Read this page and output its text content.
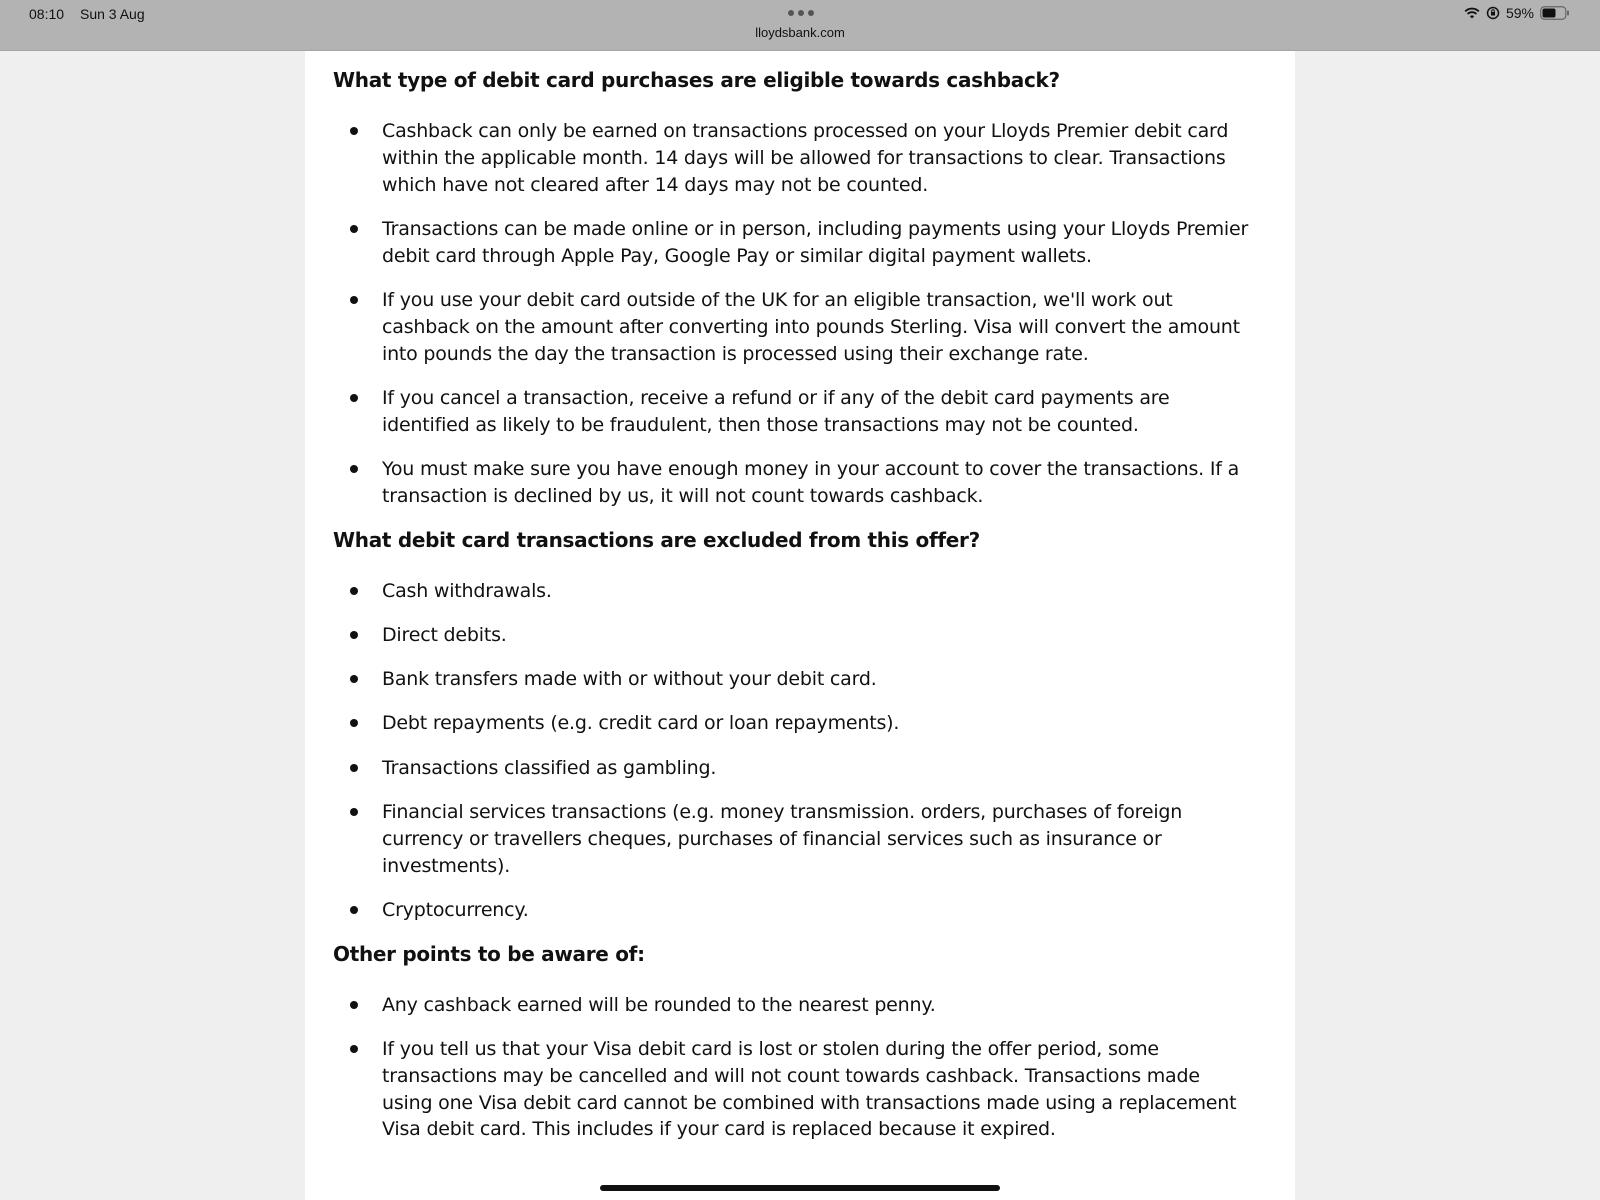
08:10 Sun 3 Aug
lloydsbank.com
59%
What type of debit card purchases are eligible towards cashback?
Cashback can only be earned on transactions processed on your Lloyds Premier debit card within the applicable month. 14 days will be allowed for transactions to clear. Transactions which have not cleared after 14 days may not be counted.
Transactions can be made online or in person, including payments using your Lloyds Premier debit card through Apple Pay, Google Pay or similar digital payment wallets.
If you use your debit card outside of the UK for an eligible transaction, we'll work out cashback on the amount after converting into pounds Sterling. Visa will convert the amount into pounds the day the transaction is processed using their exchange rate.
If you cancel a transaction, receive a refund or if any of the debit card payments are identified as likely to be fraudulent, then those transactions may not be counted.
You must make sure you have enough money in your account to cover the transactions. If a transaction is declined by us, it will not count towards cashback.
What debit card transactions are excluded from this offer?
Cash withdrawals.
Direct debits.
Bank transfers made with or without your debit card.
Debt repayments (e.g. credit card or loan repayments).
Transactions classified as gambling.
Financial services transactions (e.g. money transmission. orders, purchases of foreign currency or travellers cheques, purchases of financial services such as insurance or investments).
Cryptocurrency.
Other points to be aware of:
Any cashback earned will be rounded to the nearest penny.
If you tell us that your Visa debit card is lost or stolen during the offer period, some transactions may be cancelled and will not count towards cashback. Transactions made using one Visa debit card cannot be combined with transactions made using a replacement Visa debit card. This includes if your card is replaced because it expired.
